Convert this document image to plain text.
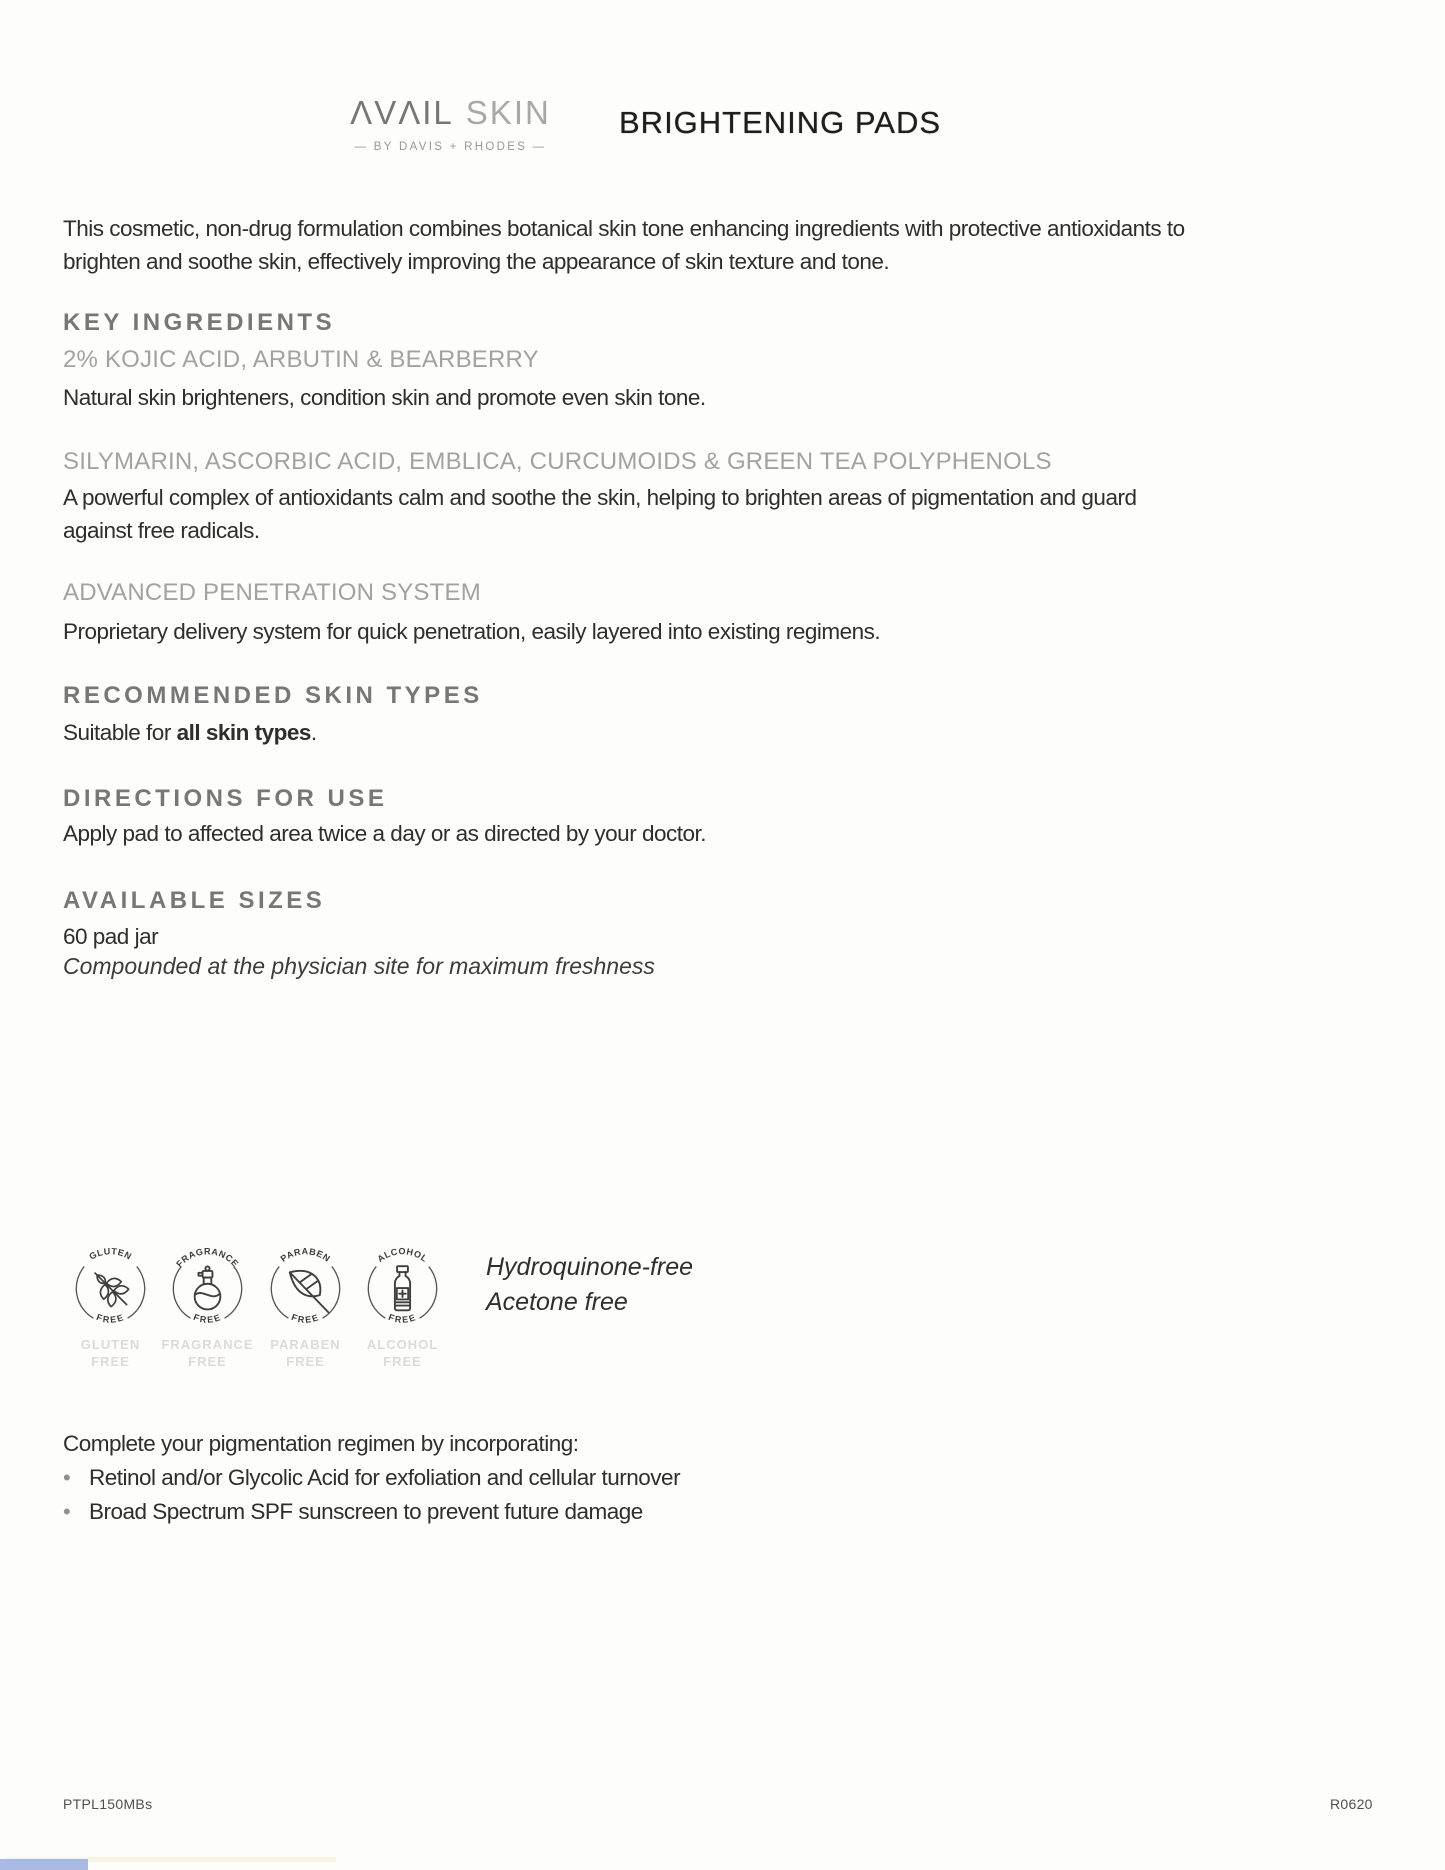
ΛVΛIL SKIN
— BY DAVIS + RHODES —
BRIGHTENING PADS
This cosmetic, non-drug formulation combines botanical skin tone enhancing ingredients with protective antioxidants to brighten and soothe skin, effectively improving the appearance of skin texture and tone.
KEY INGREDIENTS
2% KOJIC ACID, ARBUTIN & BEARBERRY
Natural skin brighteners, condition skin and promote even skin tone.
SILYMARIN, ASCORBIC ACID, EMBLICA, CURCUMOIDS & GREEN TEA POLYPHENOLS
A powerful complex of antioxidants calm and soothe the skin, helping to brighten areas of pigmentation and guard against free radicals.
ADVANCED PENETRATION SYSTEM
Proprietary delivery system for quick penetration, easily layered into existing regimens.
RECOMMENDED SKIN TYPES
Suitable for all skin types.
DIRECTIONS FOR USE
Apply pad to affected area twice a day or as directed by your doctor.
AVAILABLE SIZES
60 pad jar
Compounded at the physician site for maximum freshness
GLUTEN
FREE
FRAGRANCE
FREE
PARABEN
FREE
ALCOHOL
FREE
GLUTEN
FREE
FRAGRANCE
FREE
PARABEN
FREE
ALCOHOL
FREE
Hydroquinone-free
Acetone free
Complete your pigmentation regimen by incorporating:
• Retinol and/or Glycolic Acid for exfoliation and cellular turnover
• Broad Spectrum SPF sunscreen to prevent future damage
PTPL150MBs	R0620
